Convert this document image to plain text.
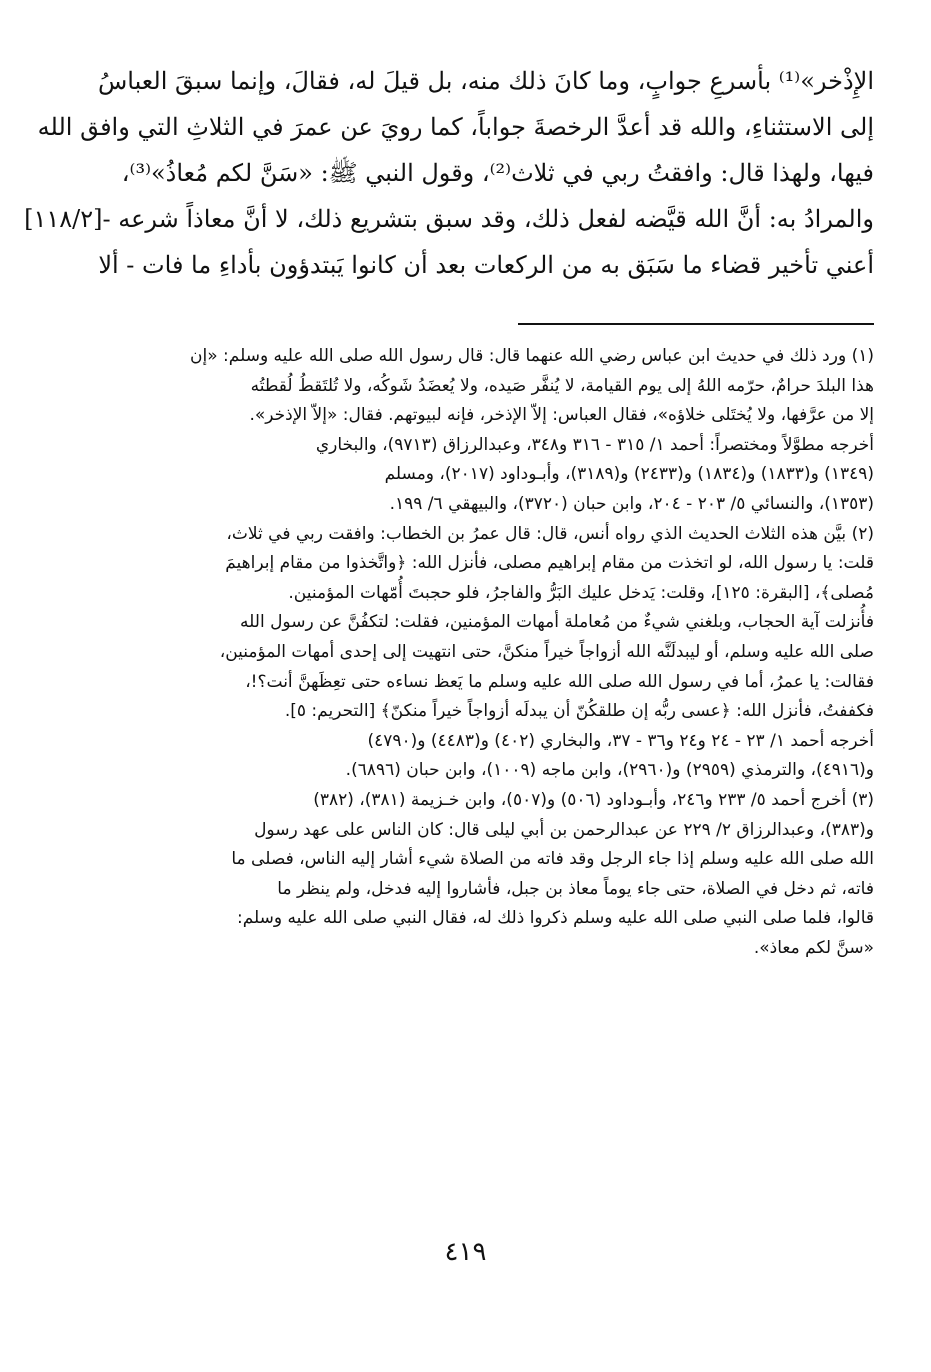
الإِذْخر»⁽¹⁾ بأسرعِ جوابٍ، وما كانَ ذلك منه، بل قيلَ له، فقالَ، وإنما سبقَ العباسُ
إلى الاستثناءِ، والله قد أعدَّ الرخصةَ جواباً، كما رويَ عن عمرَ في الثلاثِ التي وافق الله
فيها، ولهذا قال: وافقتُ ربي في ثلاث⁽²⁾، وقول النبي ﷺ: «سَنَّ لكم مُعاذُ»⁽³⁾،
والمرادُ به: أنَّ الله قيَّضه لفعل ذلك، وقد سبق بتشريع ذلك، لا أنَّ معاذاً شرعه -[١١٨/٢]
أعني تأخير قضاء ما سَبَق به من الركعات بعد أن كانوا يَبتدؤون بأداءِ ما فات - ألا
(١) ورد ذلك في حديث ابن عباس رضي الله عنهما قال: قال رسول الله صلى الله عليه وسلم: «إن
هذا البلدَ حرامٌ، حرّمه اللهُ إلى يوم القيامة، لا يُنفَّر صَيده، ولا يُعضَدُ شَوكُه، ولا تُلتَقطُ لُقطتُه
إلا من عرَّفها، ولا يُختَلى خلاؤه»، فقال العباس: إلاّ الإذخر، فإنه لبيوتهم. فقال: «إلاّ الإذخر».
أخرجه مطوَّلاً ومختصراً: أحمد ١/ ٣١٥ - ٣١٦ و٣٤٨، وعبدالرزاق (٩٧١٣)، والبخاري
(١٣٤٩) و(١٨٣٣) و(١٨٣٤) و(٢٤٣٣) و(٣١٨٩)، وأبـوداود (٢٠١٧)، ومسلم
(١٣٥٣)، والنسائي ٥/ ٢٠٣ - ٢٠٤، وابن حبان (٣٧٢٠)، والبيهقي ٦/ ١٩٩.
(٢) بيَّن هذه الثلاث الحديث الذي رواه أنس، قال: قال عمرُ بن الخطاب: وافقت ربي في ثلاث،
قلت: يا رسول الله، لو اتخذت من مقام إبراهيم مصلى، فأنزل الله: ﴿واتَّخذوا من مقام إبراهيمَ
مُصلى﴾، [البقرة: ١٢٥]، وقلت: يَدخل عليك البَرُّ والفاجرُ، فلو حجبتَ أُمّهات المؤمنين.
فأُنزلت آية الحجاب، وبلغني شيءٌ من مُعاملة أمهات المؤمنين، فقلت: لتكفُنَّ عن رسول الله
صلى الله عليه وسلم، أو ليبدلَنَّه الله أزواجاً خيراً منكنَّ، حتى انتهيت إلى إحدى أمهات المؤمنين،
فقالت: يا عمرُ، أما في رسول الله صلى الله عليه وسلم ما يَعظ نساءه حتى تعِظَهنَّ أنت؟!،
فكففتُ، فأنزل الله: ﴿عسى ربُّه إن طلقكُنّ أن يبدلَه أزواجاً خيراً منكنّ﴾ [التحريم: ٥].
أخرجه أحمد ١/ ٢٣ - ٢٤ و٢٤ و٣٦ - ٣٧، والبخاري (٤٠٢) و(٤٤٨٣) و(٤٧٩٠)
و(٤٩١٦)، والترمذي (٢٩٥٩) و(٢٩٦٠)، وابن ماجه (١٠٠٩)، وابن حبان (٦٨٩٦).
(٣) أخرج أحمد ٥/ ٢٣٣ و٢٤٦، وأبـوداود (٥٠٦) و(٥٠٧)، وابن خـزيمة (٣٨١)، (٣٨٢)
و(٣٨٣)، وعبدالرزاق ٢/ ٢٢٩ عن عبدالرحمن بن أبي ليلى قال: كان الناس على عهد رسول
الله صلى الله عليه وسلم إذا جاء الرجل وقد فاته من الصلاة شيء أشار إليه الناس، فصلى ما
فاته، ثم دخل في الصلاة، حتى جاء يوماً معاذ بن جبل، فأشاروا إليه فدخل، ولم ينظر ما
قالوا، فلما صلى النبي صلى الله عليه وسلم ذكروا ذلك له، فقال النبي صلى الله عليه وسلم:
«سنَّ لكم معاذ».
٤١٩
